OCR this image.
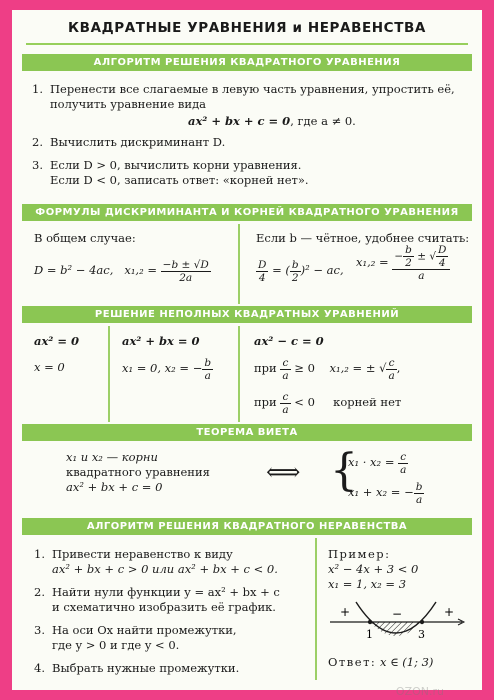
КВАДРАТНЫЕ УРАВНЕНИЯ и НЕРАВЕНСТВА
АЛГОРИТМ РЕШЕНИЯ КВАДРАТНОГО УРАВНЕНИЯ
1. Перенести все слагаемые в левую часть уравнения, упростить её,
получить уравнение вида
ax² + bx + c = 0, где a ≠ 0.
2. Вычислить дискриминант D.
3. Если D > 0, вычислить корни уравнения.
Если D < 0, записать ответ: «корней нет».
ФОРМУЛЫ ДИСКРИМИНАНТА И КОРНЕЙ КВАДРАТНОГО УРАВНЕНИЯ
В общем случае:
D = b² − 4ac, $x_1,_2 = \frac{-b \pm √D}{2a}$
Если b — чётное, удобнее считать:
$\frac{D}{4}$ = ( $\frac{b}{2} )^2$ − ac,
$x_1,_2 = \frac{- \frac{b}{2} \pm √ \frac{D}{4}}{a}$
РЕШЕНИЕ НЕПОЛНЫХ КВАДРАТНЫХ УРАВНЕНИЙ
ax² = 0
x = 0
ax² + bx = 0
x₁ = 0, x₂ = − $\frac{b}{a}$
ax² − c = 0
при $\frac{c}{a} \ge 0$ x₁,₂ = ± √ $\frac{c}{a}$ ,
при $\frac{c}{a} < 0$ корней нет
ТЕОРЕМА ВИЕТА
x₁ и x₂ — корни
квадратного уравнения
ax² + bx + c = 0
⟺ {
$x_1 \cdot x_2 = \frac{c}{a}$
x₁ + x₂ = − $\frac{b}{a}$
АЛГОРИТМ РЕШЕНИЯ КВАДРАТНОГО НЕРАВЕНСТВА
1. Привести неравенство к виду
ax² + bx + c > 0 или ax² + bx + c < 0.
2. Найти нули функции y = ax² + bx + c
и схематично изобразить её график.
3. На оси Ox найти промежутки,
где y > 0 и где y < 0.
4. Выбрать нужные промежутки.
Пример:
x² − 4x + 3 < 0
x₁ = 1, x₂ = 3
+	+
−
1	3
Ответ: x ∈ (1; 3)
OZON.ru
